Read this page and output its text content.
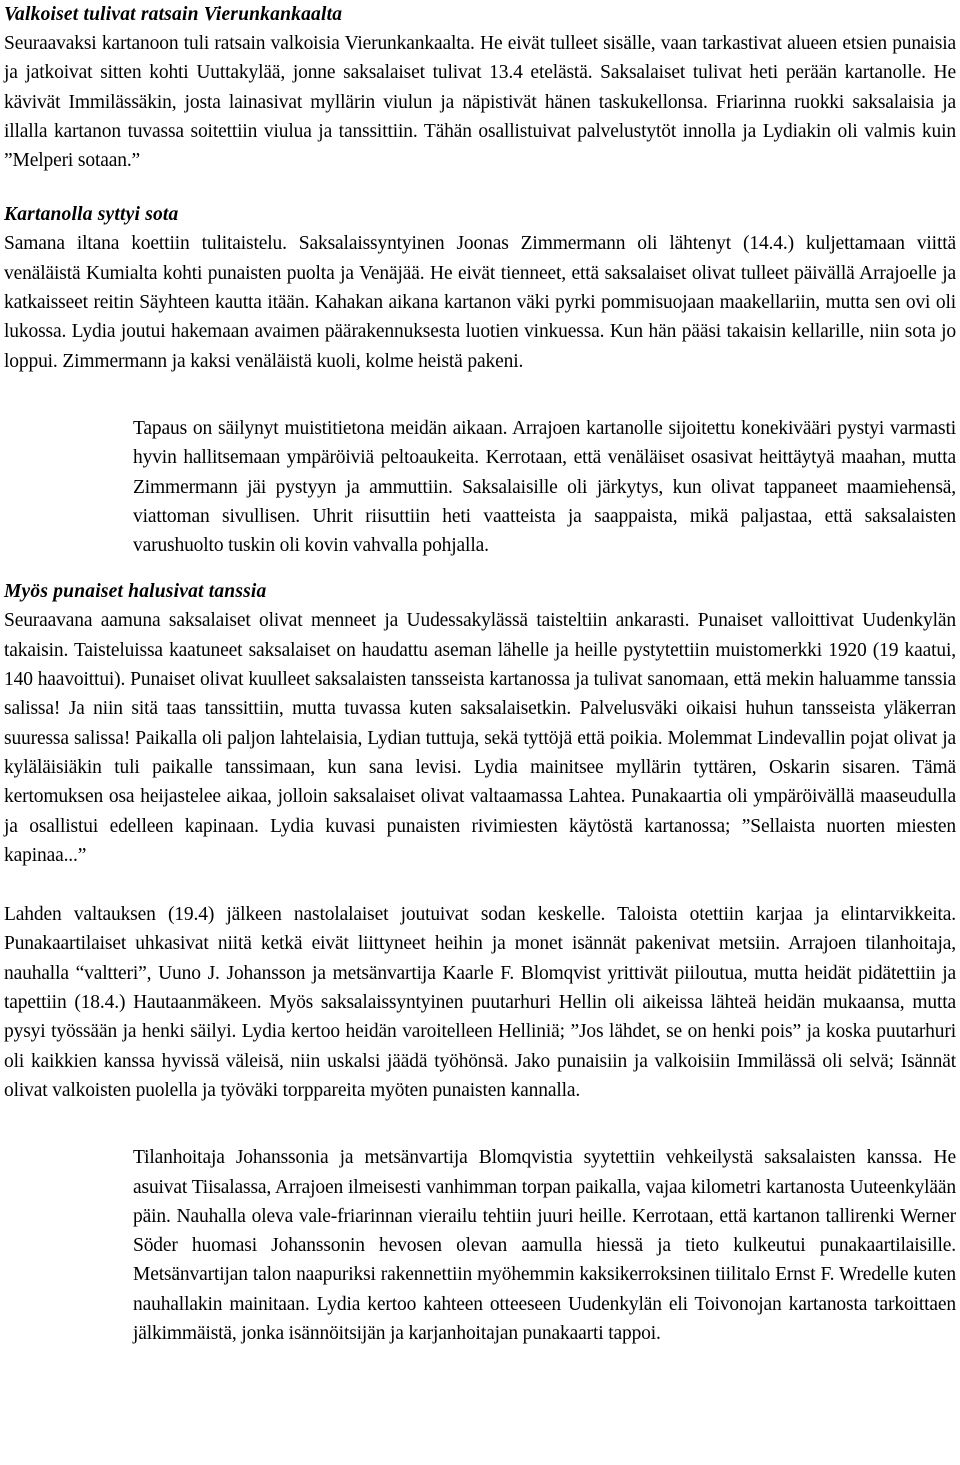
Valkoiset tulivat ratsain Vierunkankaalta

Seuraavaksi kartanoon tuli ratsain valkoisia Vierunkankaalta. He eivät tulleet sisälle, vaan tarkastivat alueen etsien punaisia ja jatkoivat sitten kohti Uuttakylää, jonne saksalaiset tulivat 13.4 etelästä. Saksalaiset tulivat heti perään kartanolle. He kävivät Immilässäkin, josta lainasivat myllärin viulun ja näpistivät hänen taskukellonsa. Friarinna ruokki saksalaisia ja illalla kartanon tuvassa soitettiin viulua ja tanssittiin. Tähän osallistuivat palvelustytöt innolla ja Lydiakin oli valmis kuin ”Melperi sotaan.”

Kartanolla syttyi sota

Samana iltana koettiin tulitaistelu. Saksalaissyntyinen Joonas Zimmermann oli lähtenyt (14.4.) kuljettamaan viittä venäläistä Kumialta kohti punaisten puolta ja Venäjää. He eivät tienneet, että saksalaiset olivat tulleet päivällä Arrajoelle ja katkaisseet reitin Säyhteen kautta itään. Kahakan aikana kartanon väki pyrki pommisuojaan maakellariin, mutta sen ovi oli lukossa. Lydia joutui hakemaan avaimen päärakennuksesta luotien vinkuessa. Kun hän pääsi takaisin kellarille, niin sota jo loppui. Zimmermann ja kaksi venäläistä kuoli, kolme heistä pakeni.

Tapaus on säilynyt muistitietona meidän aikaan. Arrajoen kartanolle sijoitettu konekivääri pystyi varmasti hyvin hallitsemaan ympäröiviä peltoaukeita. Kerrotaan, että venäläiset osasivat heittäytyä maahan, mutta Zimmermann jäi pystyyn ja ammuttiin. Saksalaisille oli järkytys, kun olivat tappaneet maamiehensä, viattoman sivullisen. Uhrit riisuttiin heti vaatteista ja saappaista, mikä paljastaa, että saksalaisten varushuolto tuskin oli kovin vahvalla pohjalla.

Myös punaiset halusivat tanssia

Seuraavana aamuna saksalaiset olivat menneet ja Uudessakylässä taisteltiin ankarasti. Punaiset valloittivat Uudenkylän takaisin. Taisteluissa kaatuneet saksalaiset on haudattu aseman lähelle ja heille pystytettiin muistomerkki 1920 (19 kaatui, 140 haavoittui). Punaiset olivat kuulleet saksalaisten tansseista kartanossa ja tulivat sanomaan, että mekin haluamme tanssia salissa! Ja niin sitä taas tanssittiin, mutta tuvassa kuten saksalaisetkin. Palvelusväki oikaisi huhun tansseista yläkerran suuressa salissa! Paikalla oli paljon lahtelaisia, Lydian tuttuja, sekä tyttöjä että poikia. Molemmat Lindevallin pojat olivat ja kyläläisiäkin tuli paikalle tanssimaan, kun sana levisi. Lydia mainitsee myllärin tyttären, Oskarin sisaren. Tämä kertomuksen osa heijastelee aikaa, jolloin saksalaiset olivat valtaamassa Lahtea. Punakaartia oli ympäröivällä maaseudulla ja osallistui edelleen kapinaan. Lydia kuvasi punaisten rivimiesten käytöstä kartanossa; ”Sellaista nuorten miesten kapinaa...”

Lahden valtauksen (19.4) jälkeen nastolalaiset joutuivat sodan keskelle. Taloista otettiin karjaa ja elintarvikkeita. Punakaartilaiset uhkasivat niitä ketkä eivät liittyneet heihin ja monet isännät pakenivat metsiin. Arrajoen tilanhoitaja, nauhalla “valtteri”, Uuno J. Johansson ja metsänvartija Kaarle F. Blomqvist yrittivät piiloutua, mutta heidät pidätettiin ja tapettiin (18.4.) Hautaanmäkeen. Myös saksalaissyntyinen puutarhuri Hellin oli aikeissa lähteä heidän mukaansa, mutta pysyi työssään ja henki säilyi. Lydia kertoo heidän varoitelleen Helliniä; ”Jos lähdet, se on henki pois” ja koska puutarhuri oli kaikkien kanssa hyvissä väleisä, niin uskalsi jäädä työhönsä. Jako punaisiin ja valkoisiin Immilässä oli selvä; Isännät olivat valkoisten puolella ja työväki torppareita myöten punaisten kannalla.

Tilanhoitaja Johanssonia ja metsänvartija Blomqvistia syytettiin vehkeilystä saksalaisten kanssa. He asuivat Tiisalassa, Arrajoen ilmeisesti vanhimman torpan paikalla, vajaa kilometri kartanosta Uuteenkylään päin. Nauhalla oleva vale-friarinnan vierailu tehtiin juuri heille. Kerrotaan, että kartanon tallirenki Werner Söder huomasi Johanssonin hevosen olevan aamulla hiessä ja tieto kulkeutui punakaartilaisille. Metsänvartijan talon naapuriksi rakennettiin myöhemmin kaksikerroksinen tiilitalo Ernst F. Wredelle kuten nauhallakin mainitaan. Lydia kertoo kahteen otteeseen Uudenkylän eli Toivonojan kartanosta tarkoittaen jälkimmäistä, jonka isännöitsijän ja karjanhoitajan punakaarti tappoi.
